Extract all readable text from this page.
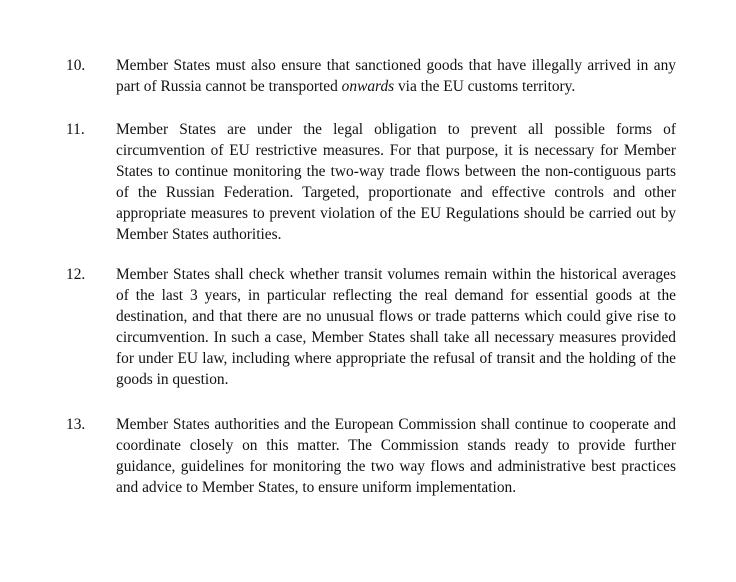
10.	Member States must also ensure that sanctioned goods that have illegally arrived in any part of Russia cannot be transported onwards via the EU customs territory.
11.	Member States are under the legal obligation to prevent all possible forms of circumvention of EU restrictive measures. For that purpose, it is necessary for Member States to continue monitoring the two-way trade flows between the non-contiguous parts of the Russian Federation. Targeted, proportionate and effective controls and other appropriate measures to prevent violation of the EU Regulations should be carried out by Member States authorities.
12.	Member States shall check whether transit volumes remain within the historical averages of the last 3 years, in particular reflecting the real demand for essential goods at the destination, and that there are no unusual flows or trade patterns which could give rise to circumvention. In such a case, Member States shall take all necessary measures provided for under EU law, including where appropriate the refusal of transit and the holding of the goods in question.
13.	Member States authorities and the European Commission shall continue to cooperate and coordinate closely on this matter. The Commission stands ready to provide further guidance, guidelines for monitoring the two way flows and administrative best practices and advice to Member States, to ensure uniform implementation.
